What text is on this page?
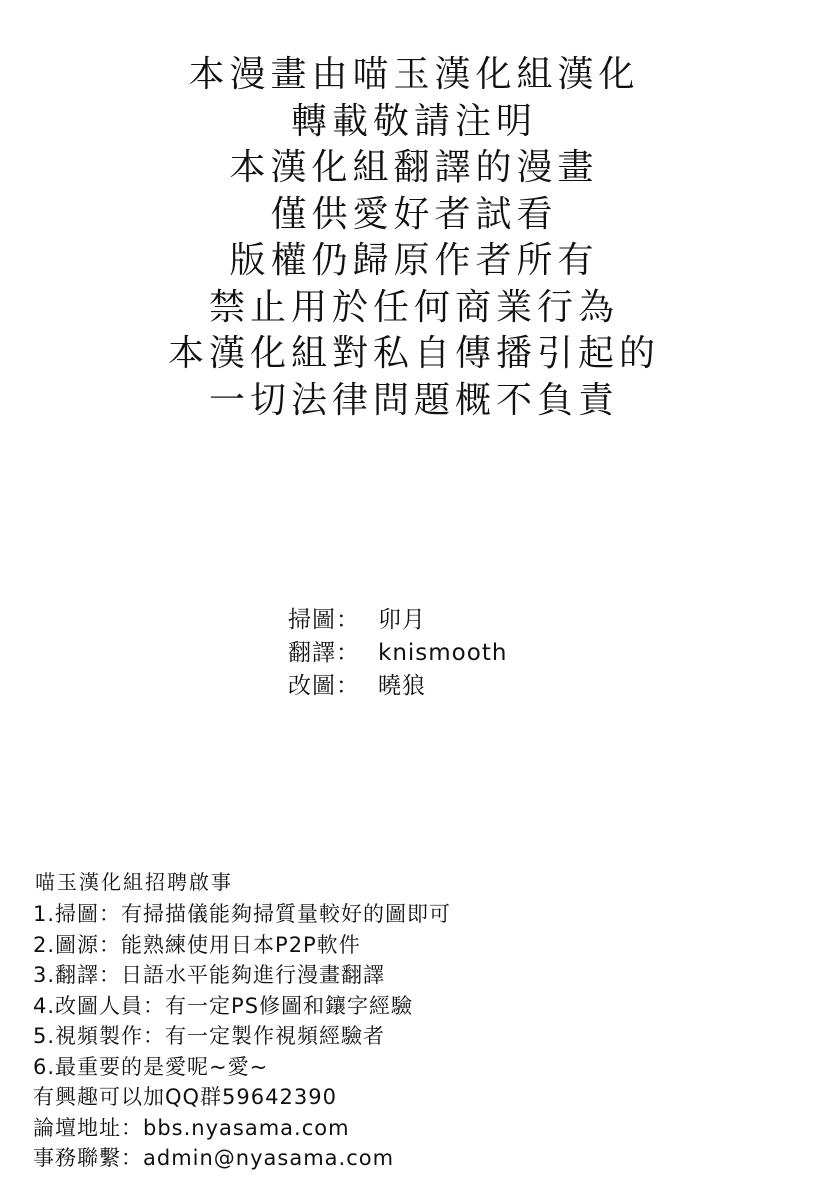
本漫畫由喵玉漢化組漢化
轉載敬請注明
本漢化組翻譯的漫畫
僅供愛好者試看
版權仍歸原作者所有
禁止用於任何商業行為
本漢化組對私自傳播引起的
一切法律問題概不負責
掃圖： 卯月
翻譯： knismooth
改圖： 曉狼
喵玉漢化組招聘啟事
1.掃圖：有掃描儀能夠掃質量較好的圖即可
2.圖源：能熟練使用日本P2P軟件
3.翻譯：日語水平能夠進行漫畫翻譯
4.改圖人員：有一定PS修圖和鑲字經驗
5.視頻製作：有一定製作視頻經驗者
6.最重要的是愛呢~愛~
有興趣可以加QQ群59642390
論壇地址：bbs.nyasama.com
事務聯繫：admin@nyasama.com
